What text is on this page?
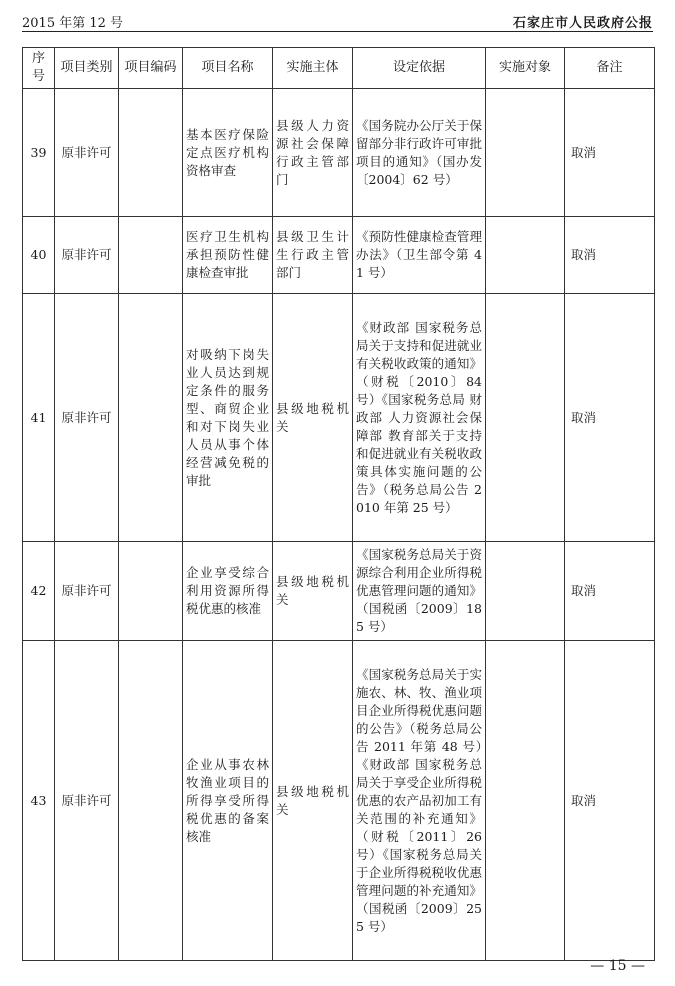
2015 年第 12 号	石家庄市人民政府公报
序号	项目类别	项目编码	项目名称	实施主体	设定依据	实施对象	备注
39	原非许可		基本医疗保险定点医疗机构资格审查	县级人力资源社会保障行政主管部门	《国务院办公厅关于保留部分非行政许可审批项目的通知》（国办发〔2004〕62 号）		取消
40	原非许可		医疗卫生机构承担预防性健康检查审批	县级卫生计生行政主管部门	《预防性健康检查管理办法》（卫生部令第 41 号）		取消
41	原非许可		对吸纳下岗失业人员达到规定条件的服务型、商贸企业和对下岗失业人员从事个体经营减免税的审批	县级地税机关	《财政部 国家税务总局关于支持和促进就业有关税收政策的通知》（财税〔2010〕84 号）《国家税务总局 财政部 人力资源社会保障部 教育部关于支持和促进就业有关税收政策具体实施问题的公告》（税务总局公告 2010 年第 25 号）		取消
42	原非许可		企业享受综合利用资源所得税优惠的核准	县级地税机关	《国家税务总局关于资源综合利用企业所得税优惠管理问题的通知》（国税函〔2009〕185 号）		取消
43	原非许可		企业从事农林牧渔业项目的所得享受所得税优惠的备案核准	县级地税机关	《国家税务总局关于实施农、林、牧、渔业项目企业所得税优惠问题的公告》（税务总局公告 2011 年第 48 号）《财政部 国家税务总局关于享受企业所得税优惠的农产品初加工有关范围的补充通知》（财税〔2011〕26 号）《国家税务总局关于企业所得税税收优惠管理问题的补充通知》（国税函〔2009〕255 号）		取消
— 15 —
